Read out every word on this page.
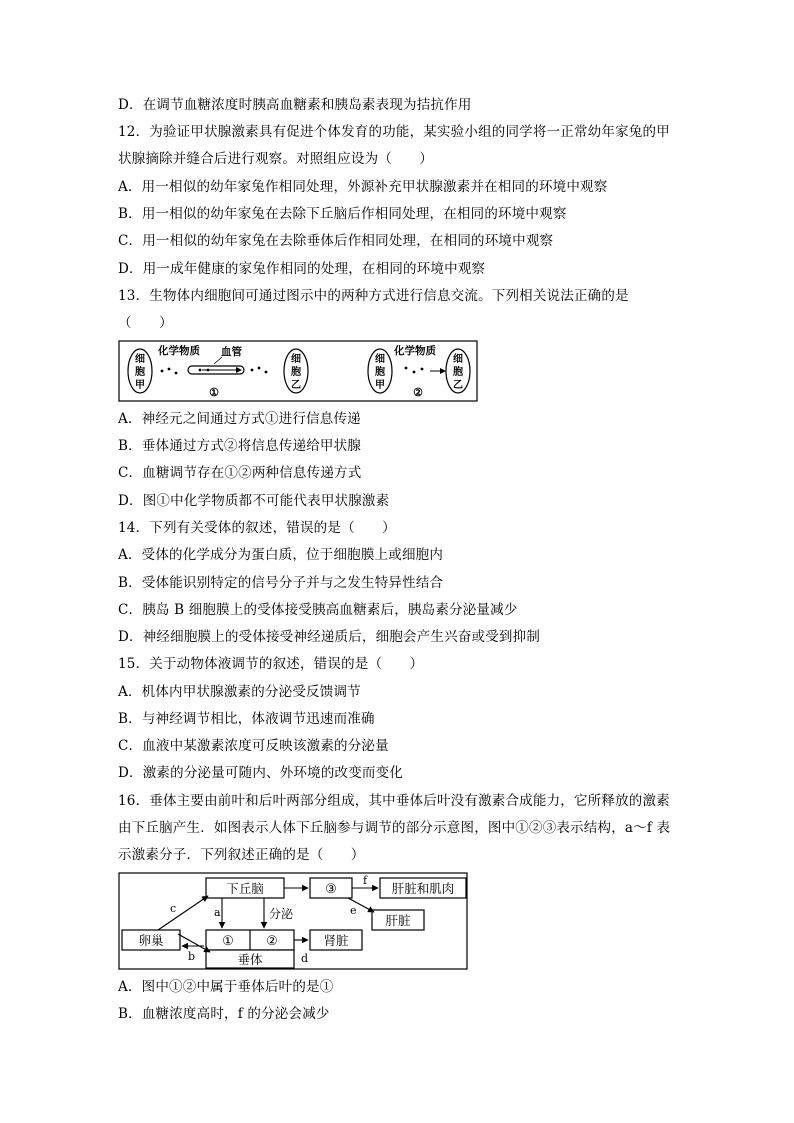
D．在调节血糖浓度时胰高血糖素和胰岛素表现为拮抗作用
12．为验证甲状腺激素具有促进个体发育的功能，某实验小组的同学将一正常幼年家兔的甲
状腺摘除并缝合后进行观察。对照组应设为（　　）
A．用一相似的幼年家兔作相同处理，外源补充甲状腺激素并在相同的环境中观察
B．用一相似的幼年家兔在去除下丘脑后作相同处理，在相同的环境中观察
C．用一相似的幼年家兔在去除垂体后作相同处理，在相同的环境中观察
D．用一成年健康的家兔作相同的处理，在相同的环境中观察
13．生物体内细胞间可通过图示中的两种方式进行信息交流。下列相关说法正确的是
（　　）
细
胞
甲
化学物质 血管
细
胞
乙
①
细
胞
甲
化学物质
细
胞
乙
②
A．神经元之间通过方式①进行信息传递
B．垂体通过方式②将信息传递给甲状腺
C．血糖调节存在①②两种信息传递方式
D．图①中化学物质都不可能代表甲状腺激素
14．下列有关受体的叙述，错误的是（　　）
A．受体的化学成分为蛋白质，位于细胞膜上或细胞内
B．受体能识别特定的信号分子并与之发生特异性结合
C．胰岛 B 细胞膜上的受体接受胰高血糖素后，胰岛素分泌量减少
D．神经细胞膜上的受体接受神经递质后，细胞会产生兴奋或受到抑制
15．关于动物体液调节的叙述，错误的是（　　）
A．机体内甲状腺激素的分泌受反馈调节
B．与神经调节相比，体液调节迅速而准确
C．血液中某激素浓度可反映该激素的分泌量
D．激素的分泌量可随内、外环境的改变而变化
16．垂体主要由前叶和后叶两部分组成，其中垂体后叶没有激素合成能力，它所释放的激素
由下丘脑产生．如图表示人体下丘脑参与调节的部分示意图，图中①②③表示结构，a～f 表
示激素分子．下列叙述正确的是（　　）
下丘脑	③	肝脏和肌肉
肝脏
卵巢	① ②
垂体
肾脏
f
e
a	分泌
c
b	d
A．图中①②中属于垂体后叶的是①
B．血糖浓度高时，f 的分泌会减少
